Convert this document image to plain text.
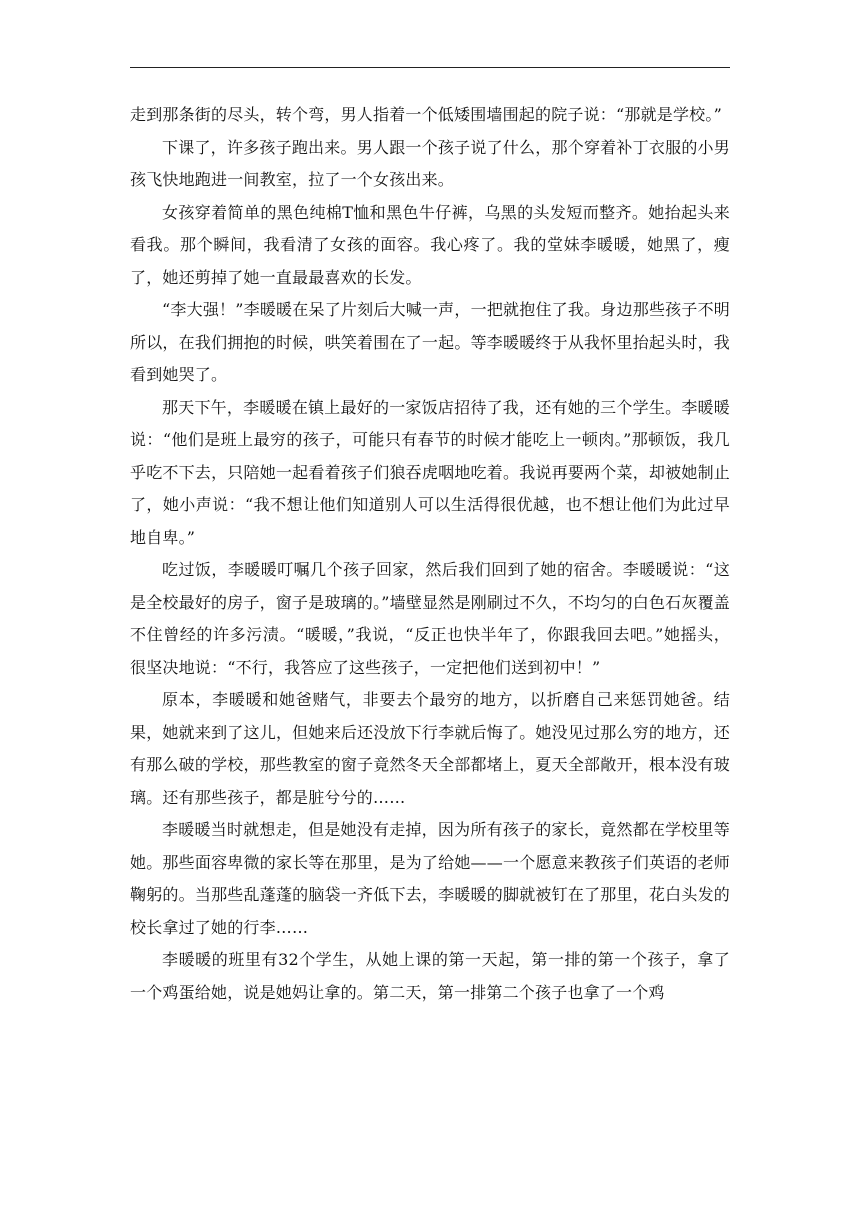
走到那条街的尽头，转个弯，男人指着一个低矮围墙围起的院子说：“那就是学校。”

下课了，许多孩子跑出来。男人跟一个孩子说了什么，那个穿着补丁衣服的小男孩飞快地跑进一间教室，拉了一个女孩出来。

女孩穿着简单的黑色纯棉T恤和黑色牛仔裤，乌黑的头发短而整齐。她抬起头来看我。那个瞬间，我看清了女孩的面容。我心疼了。我的堂妹李暖暖，她黑了，瘦了，她还剪掉了她一直最最喜欢的长发。

“李大强！”李暖暖在呆了片刻后大喊一声，一把就抱住了我。身边那些孩子不明所以，在我们拥抱的时候，哄笑着围在了一起。等李暖暖终于从我怀里抬起头时，我看到她哭了。

那天下午，李暖暖在镇上最好的一家饭店招待了我，还有她的三个学生。李暖暖说：“他们是班上最穷的孩子，可能只有春节的时候才能吃上一顿肉。”那顿饭，我几乎吃不下去，只陪她一起看着孩子们狼吞虎咽地吃着。我说再要两个菜，却被她制止了，她小声说：“我不想让他们知道别人可以生活得很优越，也不想让他们为此过早地自卑。”

吃过饭，李暖暖叮嘱几个孩子回家，然后我们回到了她的宿舍。李暖暖说：“这是全校最好的房子，窗子是玻璃的。”墙壁显然是刚刷过不久，不均匀的白色石灰覆盖不住曾经的许多污渍。“暖暖，”我说，“反正也快半年了，你跟我回去吧。”她摇头，很坚决地说：“不行，我答应了这些孩子，一定把他们送到初中！”

原本，李暖暖和她爸赌气，非要去个最穷的地方，以折磨自己来惩罚她爸。结果，她就来到了这儿，但她来后还没放下行李就后悔了。她没见过那么穷的地方，还有那么破的学校，那些教室的窗子竟然冬天全部都堵上，夏天全部敞开，根本没有玻璃。还有那些孩子，都是脏兮兮的……

李暖暖当时就想走，但是她没有走掉，因为所有孩子的家长，竟然都在学校里等她。那些面容卑微的家长等在那里，是为了给她——一个愿意来教孩子们英语的老师鞠躬的。当那些乱蓬蓬的脑袋一齐低下去，李暖暖的脚就被钉在了那里，花白头发的校长拿过了她的行李……

李暖暖的班里有32个学生，从她上课的第一天起，第一排的第一个孩子，拿了一个鸡蛋给她，说是她妈让拿的。第二天，第一排第二个孩子也拿了一个鸡
